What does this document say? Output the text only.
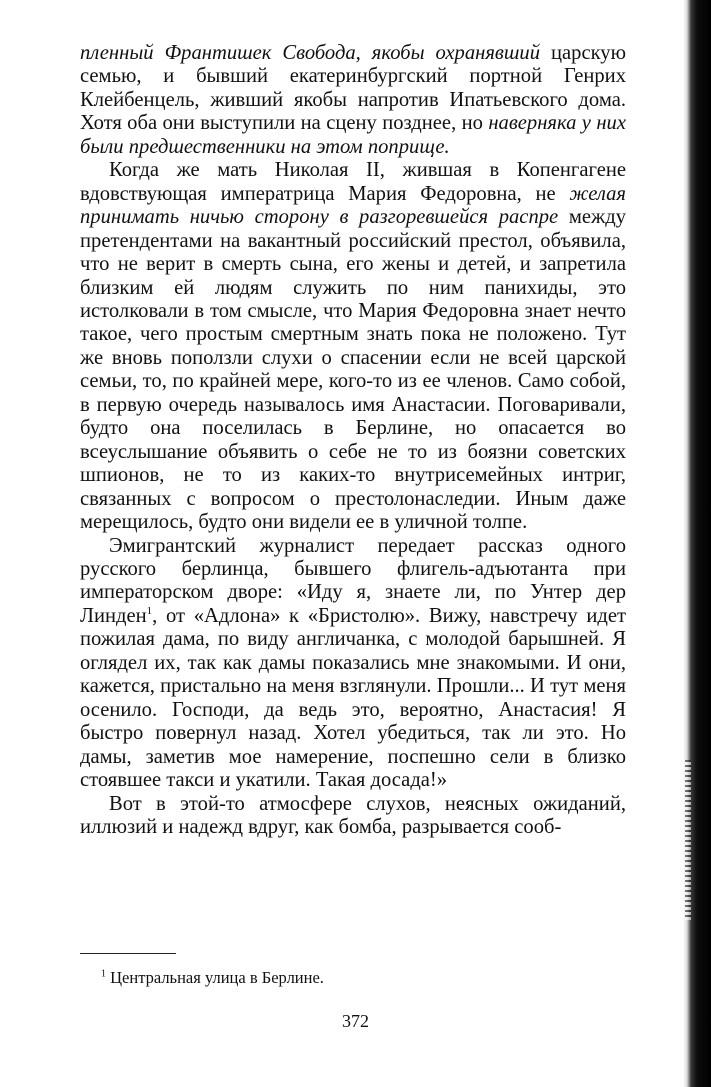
пленный Франтишек Свобода, якобы охранявший царскую семью, и бывший екатеринбургский портной Генрих Клейбенцель, живший якобы напротив Ипатьевского дома. Хотя оба они выступили на сцену позднее, но наверняка у них были предшественники на этом поприще.

Когда же мать Николая II, жившая в Копенгагене вдовствующая императрица Мария Федоровна, не желая принимать ничью сторону в разгоревшейся распре между претендентами на вакантный российский престол, объявила, что не верит в смерть сына, его жены и детей, и запретила близким ей людям служить по ним панихиды, это истолковали в том смысле, что Мария Федоровна знает нечто такое, чего простым смертным знать пока не положено. Тут же вновь поползли слухи о спасении если не всей царской семьи, то, по крайней мере, кого-то из ее членов. Само собой, в первую очередь называлось имя Анастасии. Поговаривали, будто она поселилась в Берлине, но опасается во всеуслышание объявить о себе не то из боязни советских шпионов, не то из каких-то внутрисемейных интриг, связанных с вопросом о престолонаследии. Иным даже мерещилось, будто они видели ее в уличной толпе.

Эмигрантский журналист передает рассказ одного русского берлинца, бывшего флигель-адъютанта при императорском дворе: «Иду я, знаете ли, по Унтер дер Линден$^1$, от «Адлона» к «Бристолю». Вижу, навстречу идет пожилая дама, по виду англичанка, с молодой барышней. Я оглядел их, так как дамы показались мне знакомыми. И они, кажется, пристально на меня взглянули. Прошли... И тут меня осенило. Господи, да ведь это, вероятно, Анастасия! Я быстро повернул назад. Хотел убедиться, так ли это. Но дамы, заметив мое намерение, поспешно сели в близко стоявшее такси и укатили. Такая досада!»

Вот в этой-то атмосфере слухов, неясных ожиданий, иллюзий и надежд вдруг, как бомба, разрывается сооб-

$^1$ Центральная улица в Берлине.
372
